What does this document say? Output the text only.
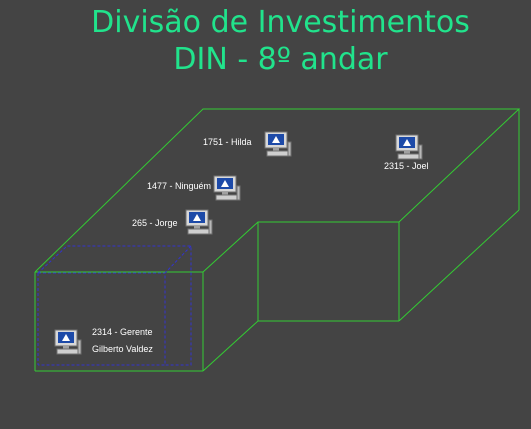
Divisão de Investimentos
DIN - 8º andar
1751 - Hilda
2315 - Joel
1477 - Ninguém
265 - Jorge
2314 - Gerente
Gilberto Valdez
